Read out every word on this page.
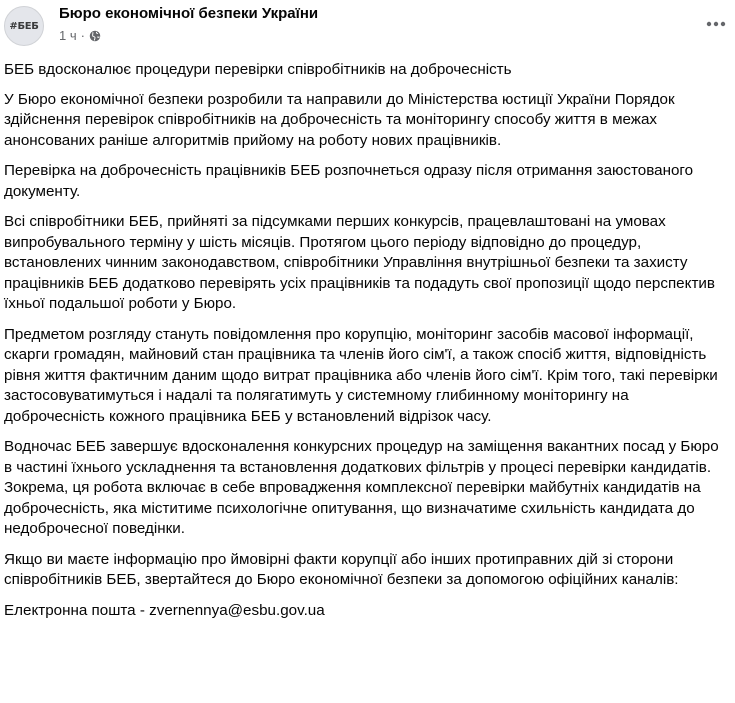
#БЕБ
Бюро економічної безпеки України
1 ч ·

БЕБ вдосконалює процедури перевірки співробітників на доброчесність

У Бюро економічної безпеки розробили та направили до Міністерства юстиції України Порядок здійснення перевірок співробітників на доброчесність та моніторингу способу життя в межах анонсованих раніше алгоритмів прийому на роботу нових працівників.

Перевірка на доброчесність працівників БЕБ розпочнеться одразу після отримання заюстованого документу.

Всі співробітники БЕБ, прийняті за підсумками перших конкурсів, працевлаштовані на умовах випробувального терміну у шість місяців. Протягом цього періоду відповідно до процедур, встановлених чинним законодавством, співробітники Управління внутрішньої безпеки та захисту працівників БЕБ додатково перевірять усіх працівників та подадуть свої пропозиції щодо перспектив їхньої подальшої роботи у Бюро.

Предметом розгляду стануть повідомлення про корупцію, моніторинг засобів масової інформації, скарги громадян, майновий стан працівника та членів його сім'ї, а також спосіб життя, відповідність рівня життя фактичним даним щодо витрат працівника або членів його сім'ї. Крім того, такі перевірки застосовуватимуться і надалі та полягатимуть у системному глибинному моніторингу на доброчесність кожного працівника БЕБ у встановлений відрізок часу.

Водночас БЕБ завершує вдосконалення конкурсних процедур на заміщення вакантних посад у Бюро в частині їхнього ускладнення та встановлення додаткових фільтрів у процесі перевірки кандидатів. Зокрема, ця робота включає в себе впровадження комплексної перевірки майбутніх кандидатів на доброчесність, яка міститиме психологічне опитування, що визначатиме схильність кандидата до недоброчесної поведінки.

Якщо ви маєте інформацію про ймовірні факти корупції або інших протиправних дій зі сторони співробітників БЕБ, звертайтеся до Бюро економічної безпеки за допомогою офіційних каналів:

Електронна пошта - zvernennya@esbu.gov.ua
